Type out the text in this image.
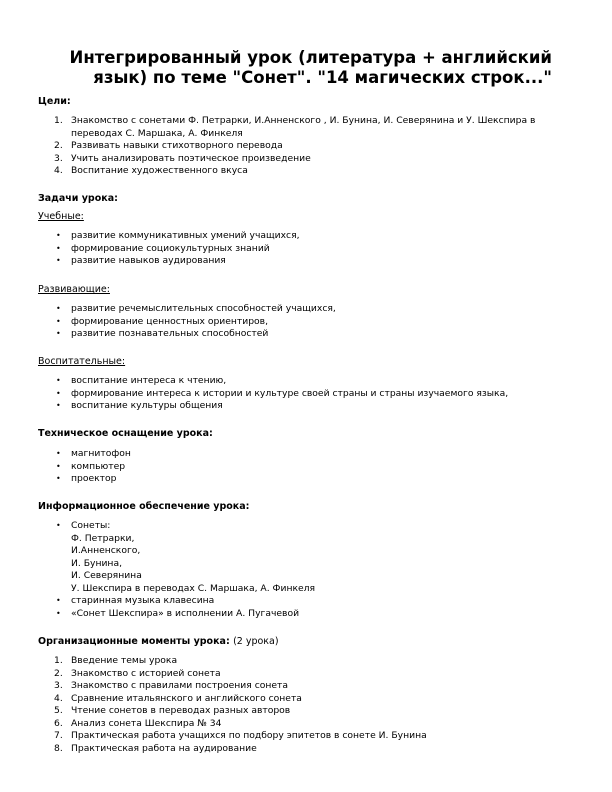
Интегрированный урок (литература + английский
язык) по теме "Сонет". "14 магических строк..."
Цели:
1. Знакомство с сонетами Ф. Петрарки, И.Анненского , И. Бунина, И. Северянина и У. Шекспира в
переводах С. Маршака, А. Финкеля
2. Развивать навыки стихотворного перевода
3. Учить анализировать поэтическое произведение
4. Воспитание художественного вкуса
Задачи урока:
Учебные:
• развитие коммуникативных умений учащихся,
• формирование социокультурных знаний
• развитие навыков аудирования
Развивающие:
• развитие речемыслительных способностей учащихся,
• формирование ценностных ориентиров,
• развитие познавательных способностей
Воспитательные:
• воспитание интереса к чтению,
• формирование интереса к истории и культуре своей страны и страны изучаемого языка,
• воспитание культуры общения
Техническое оснащение урока:
• магнитофон
• компьютер
• проектор
Информационное обеспечение урока:
• Сонеты:
Ф. Петрарки,
И.Анненского,
И. Бунина,
И. Северянина
У. Шекспира в переводах С. Маршака, А. Финкеля
• старинная музыка клавесина
• «Сонет Шекспира» в исполнении А. Пугачевой
Организационные моменты урока: (2 урока)
1. Введение темы урока
2. Знакомство с историей сонета
3. Знакомство с правилами построения сонета
4. Сравнение итальянского и английского сонета
5. Чтение сонетов в переводах разных авторов
6. Анализ сонета Шекспира № 34
7. Практическая работа учащихся по подбору эпитетов в сонете И. Бунина
8. Практическая работа на аудирование
